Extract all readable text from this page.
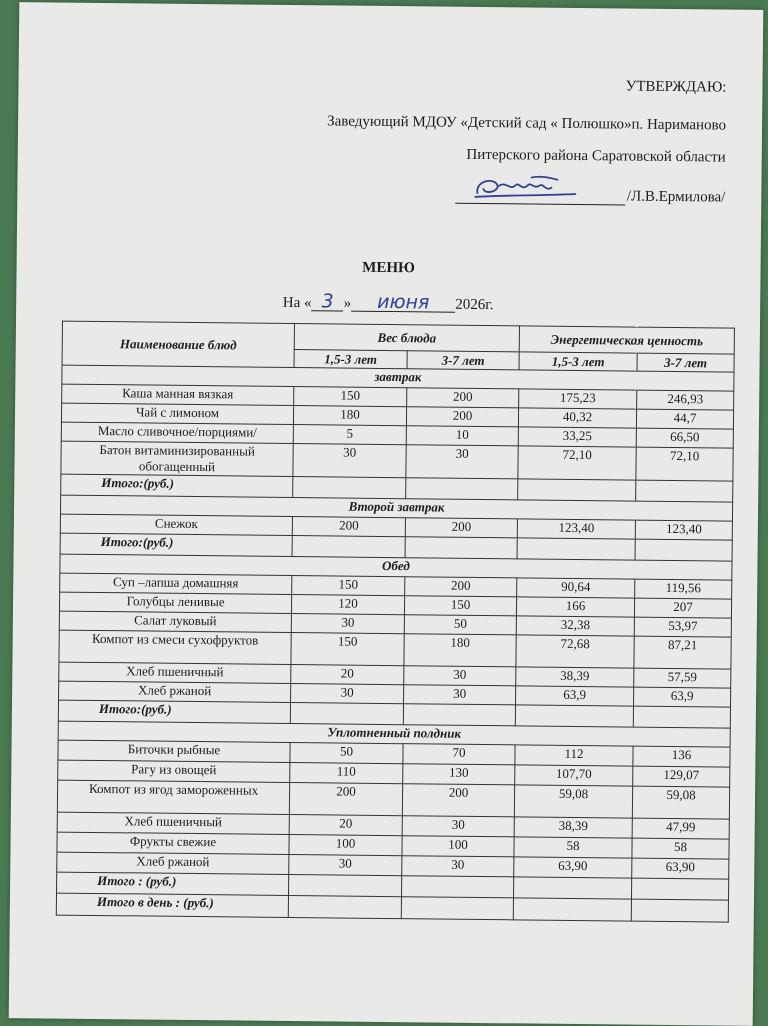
УТВЕРЖДАЮ:
Заведующий МДОУ «Детский сад « Полюшко»п. Нариманово
Питерского района Саратовской области
/Л.В.Ермилова/
МЕНЮ
На « 3 » июня 2026г.
Наименование блюд	Вес блюда		Энергетическая ценность	
	1,5-3 лет	3-7 лет	1,5-3 лет	3-7 лет
завтрак				
Каша манная вязкая	150	200	175,23	246,93
Чай с лимоном	180	200	40,32	44,7
Масло сливочное/порциями/	5	10	33,25	66,50
Батон витаминизированный обогащенный	30	30	72,10	72,10
Итого:(руб.)				
Второй завтрак				
Снежок	200	200	123,40	123,40
Итого:(руб.)				
Обед				
Суп –лапша домашняя	150	200	90,64	119,56
Голубцы ленивые	120	150	166	207
Салат луковый	30	50	32,38	53,97
Компот из смеси сухофруктов	150	180	72,68	87,21
Хлеб пшеничный	20	30	38,39	57,59
Хлеб ржаной	30	30	63,9	63,9
Итого:(руб.)				
Уплотненный полдник				
Биточки рыбные	50	70	112	136
Рагу из овощей	110	130	107,70	129,07
Компот из ягод замороженных	200	200	59,08	59,08
Хлеб пшеничный	20	30	38,39	47,99
Фрукты свежие	100	100	58	58
Хлеб ржаной	30	30	63,90	63,90
Итого : (руб.)				
Итого в день : (руб.)				
